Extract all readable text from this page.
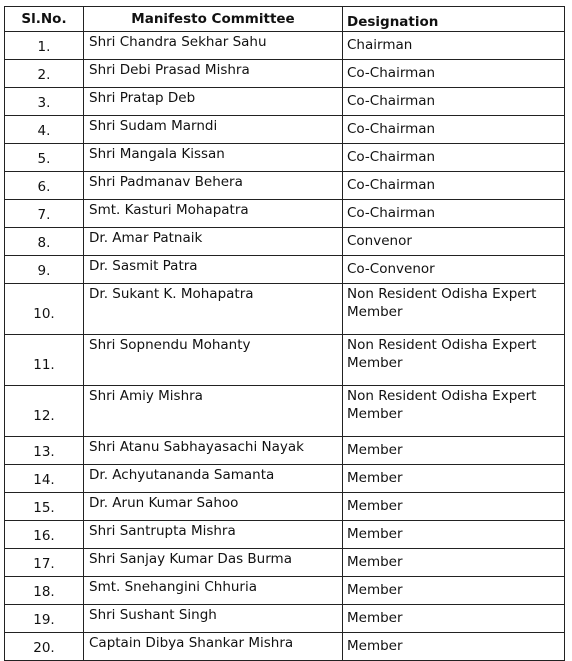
Sl.No.	Manifesto Committee	Designation
1.	Shri Chandra Sekhar Sahu	Chairman
2.	Shri Debi Prasad Mishra	Co-Chairman
3.	Shri Pratap Deb	Co-Chairman
4.	Shri Sudam Marndi	Co-Chairman
5.	Shri Mangala Kissan	Co-Chairman
6.	Shri Padmanav Behera	Co-Chairman
7.	Smt. Kasturi Mohapatra	Co-Chairman
8.	Dr. Amar Patnaik	Convenor
9.	Dr. Sasmit Patra	Co-Convenor
10.	Dr. Sukant K. Mohapatra	Non Resident Odisha Expert Member
11.	Shri Sopnendu Mohanty	Non Resident Odisha Expert Member
12.	Shri Amiy Mishra	Non Resident Odisha Expert Member
13.	Shri Atanu Sabhayasachi Nayak	Member
14.	Dr. Achyutananda Samanta	Member
15.	Dr. Arun Kumar Sahoo	Member
16.	Shri Santrupta Mishra	Member
17.	Shri Sanjay Kumar Das Burma	Member
18.	Smt. Snehangini Chhuria	Member
19.	Shri Sushant Singh	Member
20.	Captain Dibya Shankar Mishra	Member
